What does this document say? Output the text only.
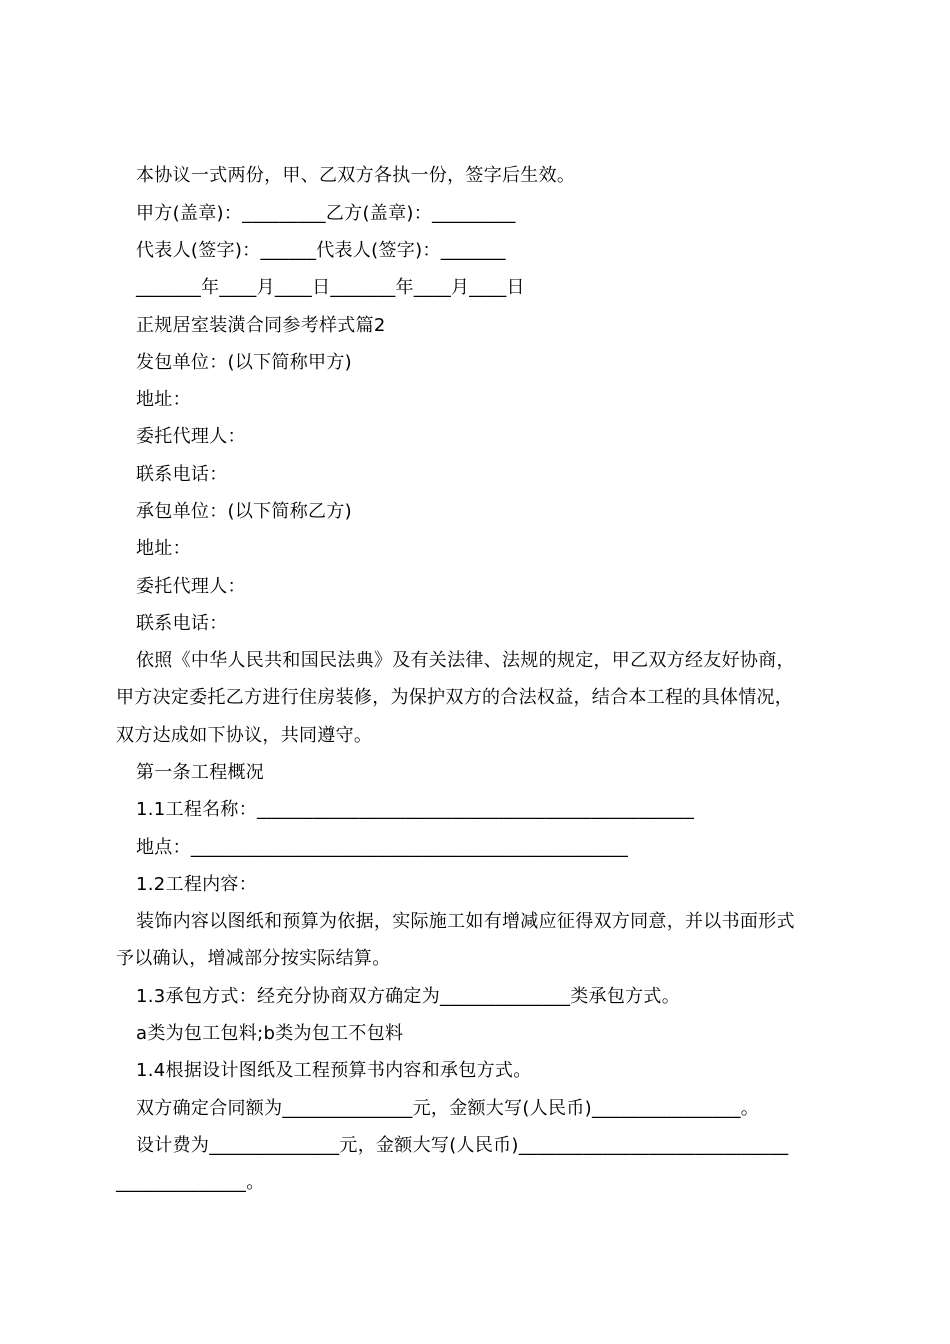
本协议一式两份，甲、乙双方各执一份，签字后生效。
甲方(盖章)：_________乙方(盖章)：_________
代表人(签字)：______代表人(签字)：_______
_______年____月____日_______年____月____日
正规居室装潢合同参考样式篇2
发包单位：(以下简称甲方)
地址：
委托代理人：
联系电话：
承包单位：(以下简称乙方)
地址：
委托代理人：
联系电话：
依照《中华人民共和国民法典》及有关法律、法规的规定，甲乙双方经友好协商，
甲方决定委托乙方进行住房装修，为保护双方的合法权益，结合本工程的具体情况，
双方达成如下协议，共同遵守。
第一条工程概况
1.1工程名称：_______________________________________________
地点：_______________________________________________
1.2工程内容：
装饰内容以图纸和预算为依据，实际施工如有增减应征得双方同意，并以书面形式
予以确认，增减部分按实际结算。
1.3承包方式：经充分协商双方确定为______________类承包方式。
a类为包工包料;b类为包工不包料
1.4根据设计图纸及工程预算书内容和承包方式。
双方确定合同额为______________元，金额大写(人民币)________________。
设计费为______________元，金额大写(人民币)_____________________________
______________。
